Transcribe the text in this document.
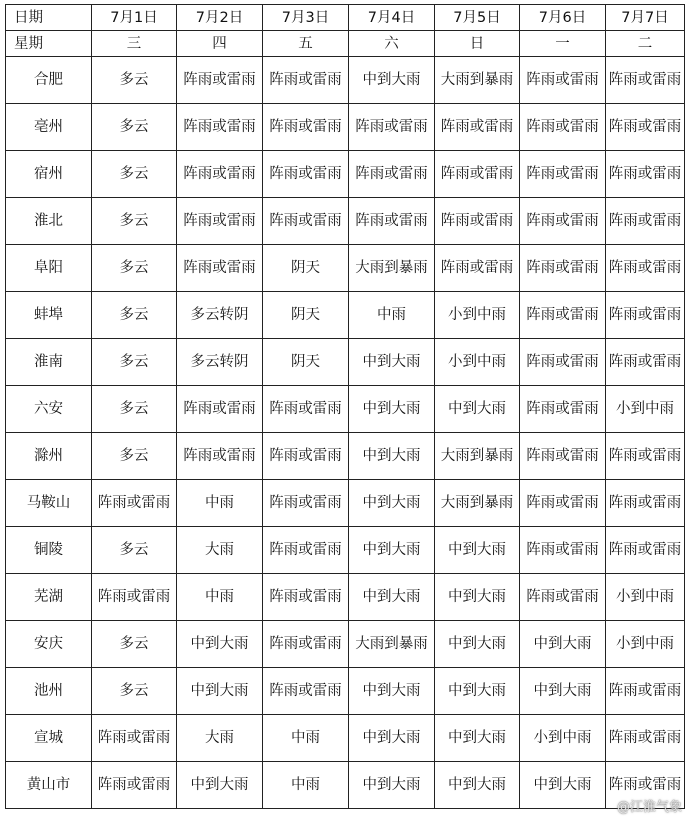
日期	7月1日	7月2日	7月3日	7月4日	7月5日	7月6日	7月7日
星期	三	四	五	六	日	一	二
合肥	多云	阵雨或雷雨	阵雨或雷雨	中到大雨	大雨到暴雨	阵雨或雷雨	阵雨或雷雨
亳州	多云	阵雨或雷雨	阵雨或雷雨	阵雨或雷雨	阵雨或雷雨	阵雨或雷雨	阵雨或雷雨
宿州	多云	阵雨或雷雨	阵雨或雷雨	阵雨或雷雨	阵雨或雷雨	阵雨或雷雨	阵雨或雷雨
淮北	多云	阵雨或雷雨	阵雨或雷雨	阵雨或雷雨	阵雨或雷雨	阵雨或雷雨	阵雨或雷雨
阜阳	多云	阵雨或雷雨	阴天	大雨到暴雨	阵雨或雷雨	阵雨或雷雨	阵雨或雷雨
蚌埠	多云	多云转阴	阴天	中雨	小到中雨	阵雨或雷雨	阵雨或雷雨
淮南	多云	多云转阴	阴天	中到大雨	小到中雨	阵雨或雷雨	阵雨或雷雨
六安	多云	阵雨或雷雨	阵雨或雷雨	中到大雨	中到大雨	阵雨或雷雨	小到中雨
滁州	多云	阵雨或雷雨	阵雨或雷雨	中到大雨	大雨到暴雨	阵雨或雷雨	阵雨或雷雨
马鞍山	阵雨或雷雨	中雨	阵雨或雷雨	中到大雨	大雨到暴雨	阵雨或雷雨	阵雨或雷雨
铜陵	多云	大雨	阵雨或雷雨	中到大雨	中到大雨	阵雨或雷雨	阵雨或雷雨
芜湖	阵雨或雷雨	中雨	阵雨或雷雨	中到大雨	中到大雨	阵雨或雷雨	小到中雨
安庆	多云	中到大雨	阵雨或雷雨	大雨到暴雨	中到大雨	中到大雨	小到中雨
池州	多云	中到大雨	阵雨或雷雨	中到大雨	中到大雨	中到大雨	阵雨或雷雨
宣城	阵雨或雷雨	大雨	中雨	中到大雨	中到大雨	小到中雨	阵雨或雷雨
黄山市	阵雨或雷雨	中到大雨	中雨	中到大雨	中到大雨	中到大雨	阵雨或雷雨
@江淮气象
